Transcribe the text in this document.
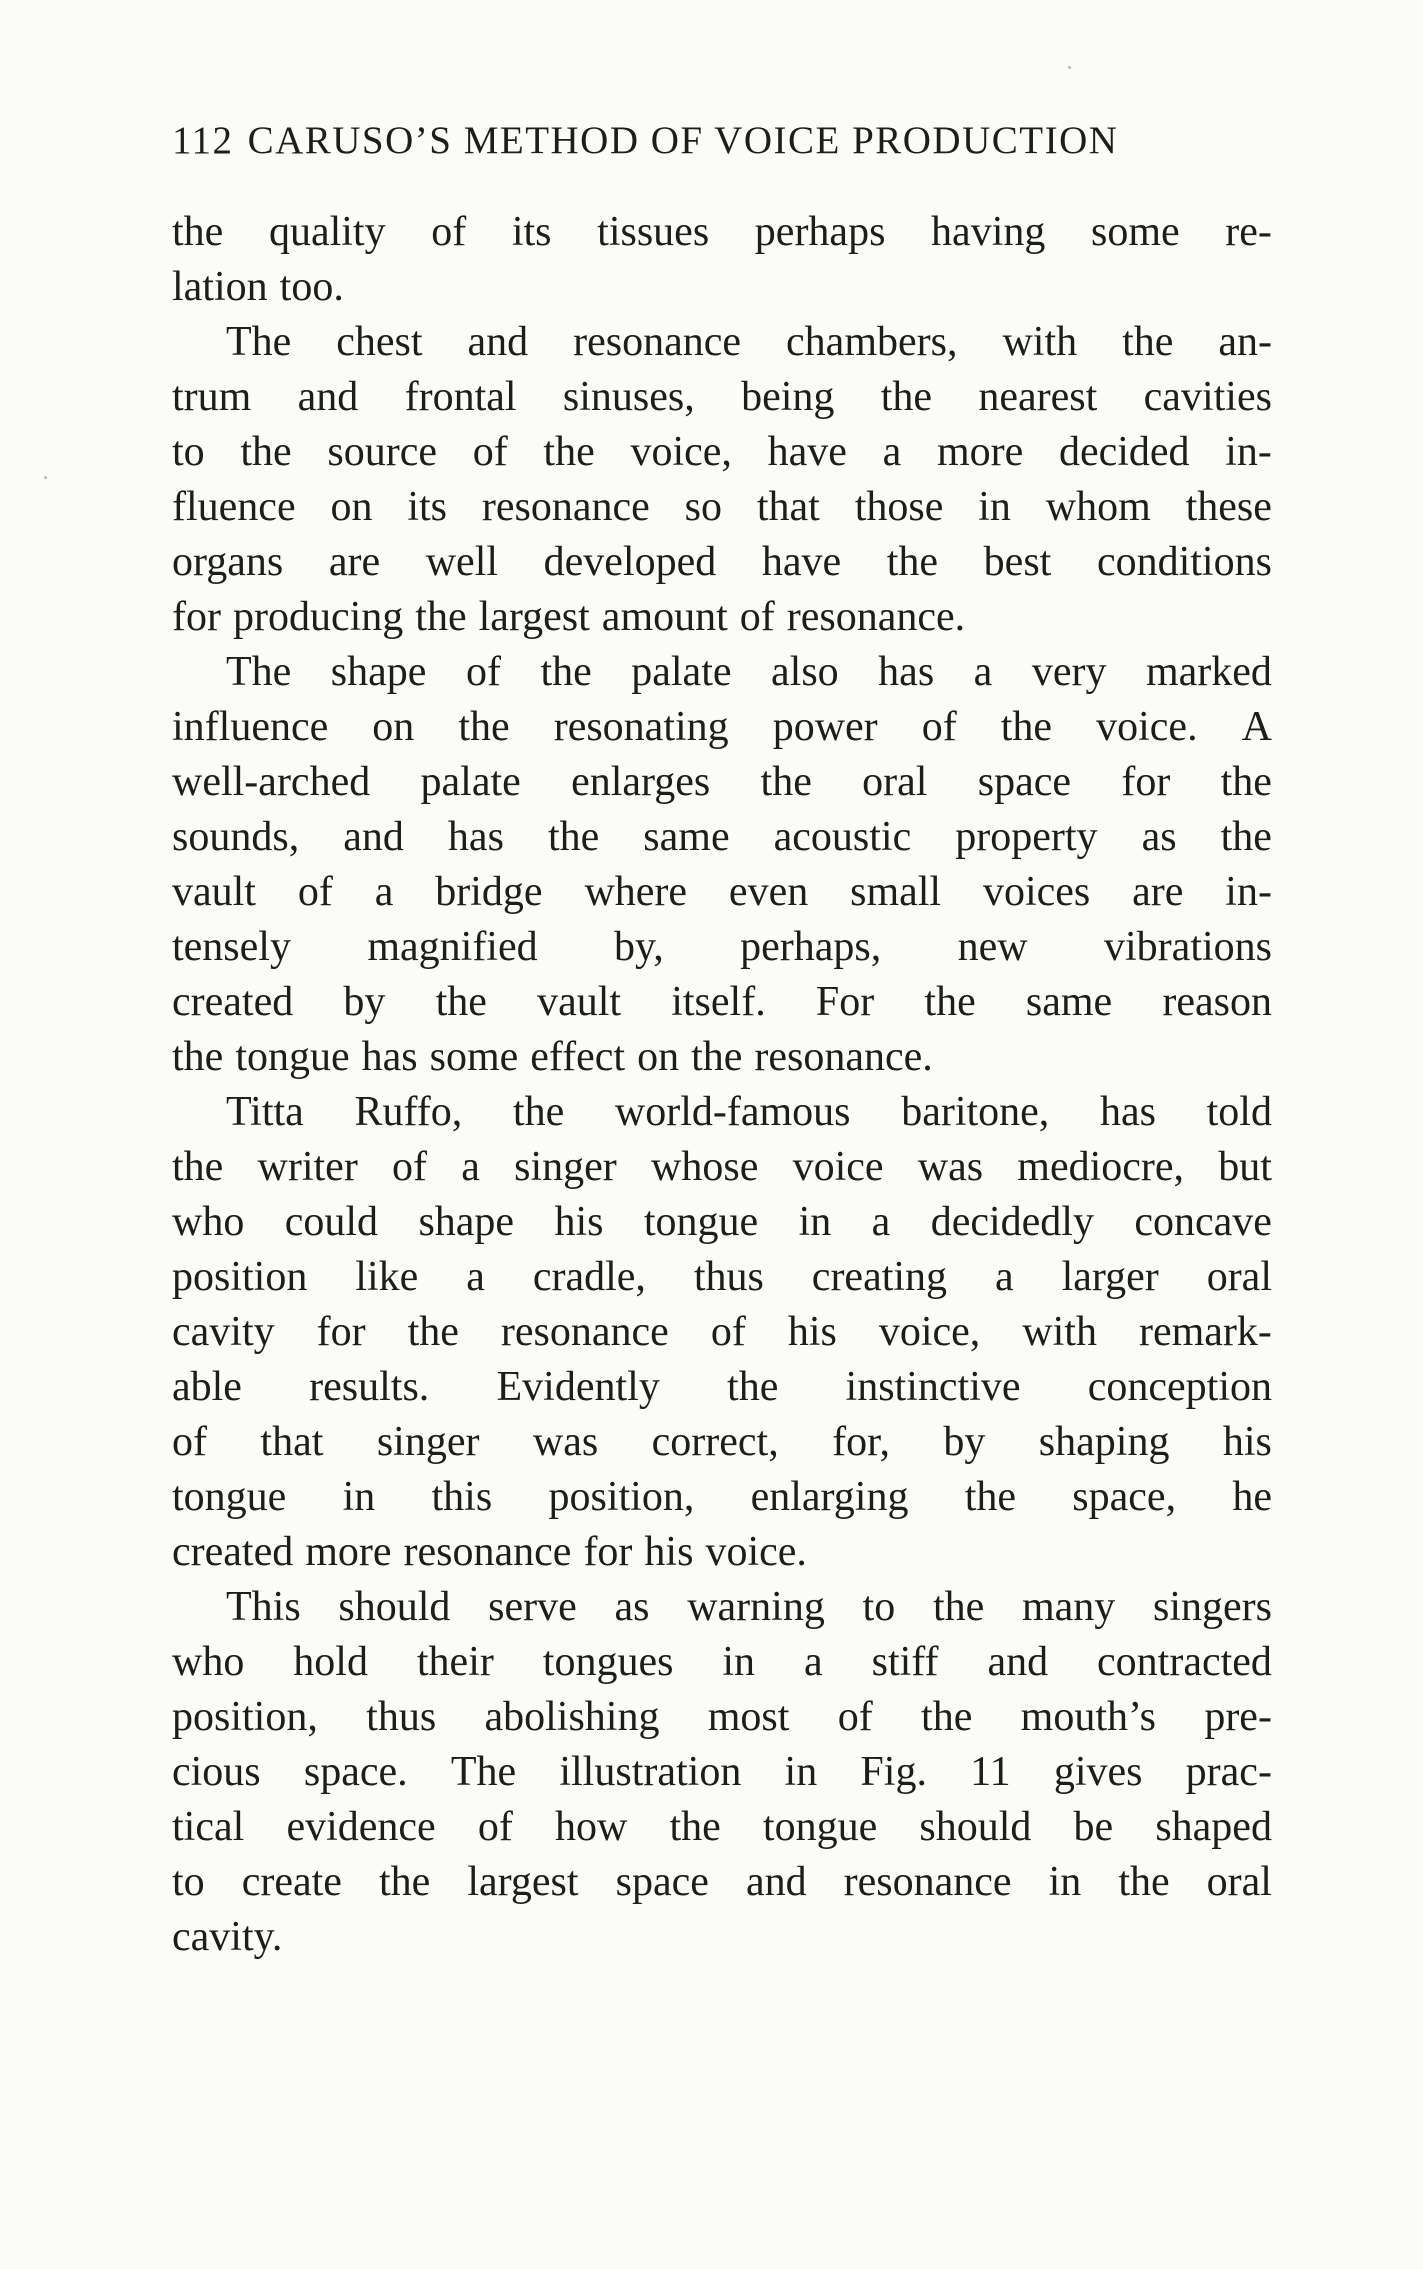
112 CARUSO’S METHOD OF VOICE PRODUCTION
the quality of its tissues perhaps having some re-
lation too.
The chest and resonance chambers, with the an-
trum and frontal sinuses, being the nearest cavities
to the source of the voice, have a more decided in-
fluence on its resonance so that those in whom these
organs are well developed have the best conditions
for producing the largest amount of resonance.
The shape of the palate also has a very marked
influence on the resonating power of the voice. A
well-arched palate enlarges the oral space for the
sounds, and has the same acoustic property as the
vault of a bridge where even small voices are in-
tensely magnified by, perhaps, new vibrations
created by the vault itself. For the same reason
the tongue has some effect on the resonance.
Titta Ruffo, the world-famous baritone, has told
the writer of a singer whose voice was mediocre, but
who could shape his tongue in a decidedly concave
position like a cradle, thus creating a larger oral
cavity for the resonance of his voice, with remark-
able results. Evidently the instinctive conception
of that singer was correct, for, by shaping his
tongue in this position, enlarging the space, he
created more resonance for his voice.
This should serve as warning to the many singers
who hold their tongues in a stiff and contracted
position, thus abolishing most of the mouth’s pre-
cious space. The illustration in Fig. 11 gives prac-
tical evidence of how the tongue should be shaped
to create the largest space and resonance in the oral
cavity.
